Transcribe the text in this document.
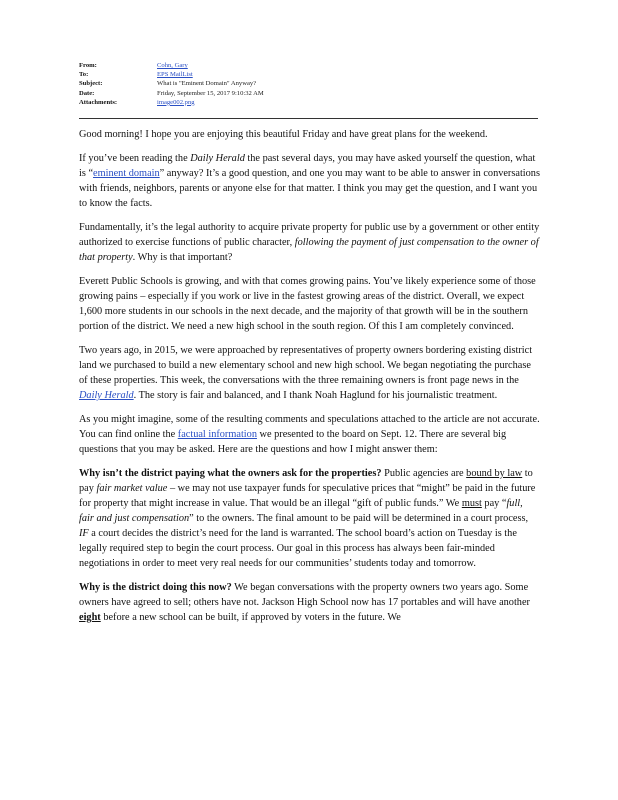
From:	Cohn, Gary
To:	EPS MailList
Subject:	What is "Eminent Domain" Anyway?
Date:	Friday, September 15, 2017 9:10:32 AM
Attachments:	image002.png

Good morning! I hope you are enjoying this beautiful Friday and have great plans for the weekend.

If you’ve been reading the Daily Herald the past several days, you may have asked yourself the question, what is “eminent domain” anyway? It’s a good question, and one you may want to be able to answer in conversations with friends, neighbors, parents or anyone else for that matter. I think you may get the question, and I want you to know the facts.

Fundamentally, it’s the legal authority to acquire private property for public use by a government or other entity authorized to exercise functions of public character, following the payment of just compensation to the owner of that property. Why is that important?

Everett Public Schools is growing, and with that comes growing pains. You’ve likely experience some of those growing pains – especially if you work or live in the fastest growing areas of the district. Overall, we expect 1,600 more students in our schools in the next decade, and the majority of that growth will be in the southern portion of the district. We need a new high school in the south region. Of this I am completely convinced.

Two years ago, in 2015, we were approached by representatives of property owners bordering existing district land we purchased to build a new elementary school and new high school. We began negotiating the purchase of these properties. This week, the conversations with the three remaining owners is front page news in the Daily Herald. The story is fair and balanced, and I thank Noah Haglund for his journalistic treatment.

As you might imagine, some of the resulting comments and speculations attached to the article are not accurate. You can find online the factual information we presented to the board on Sept. 12. There are several big questions that you may be asked. Here are the questions and how I might answer them:

Why isn’t the district paying what the owners ask for the properties? Public agencies are bound by law to pay fair market value – we may not use taxpayer funds for speculative prices that “might” be paid in the future for property that might increase in value. That would be an illegal “gift of public funds.” We must pay “full, fair and just compensation” to the owners. The final amount to be paid will be determined in a court process, IF a court decides the district’s need for the land is warranted. The school board’s action on Tuesday is the legally required step to begin the court process. Our goal in this process has always been fair-minded negotiations in order to meet very real needs for our communities’ students today and tomorrow.

Why is the district doing this now? We began conversations with the property owners two years ago. Some owners have agreed to sell; others have not. Jackson High School now has 17 portables and will have another eight before a new school can be built, if approved by voters in the future. We
